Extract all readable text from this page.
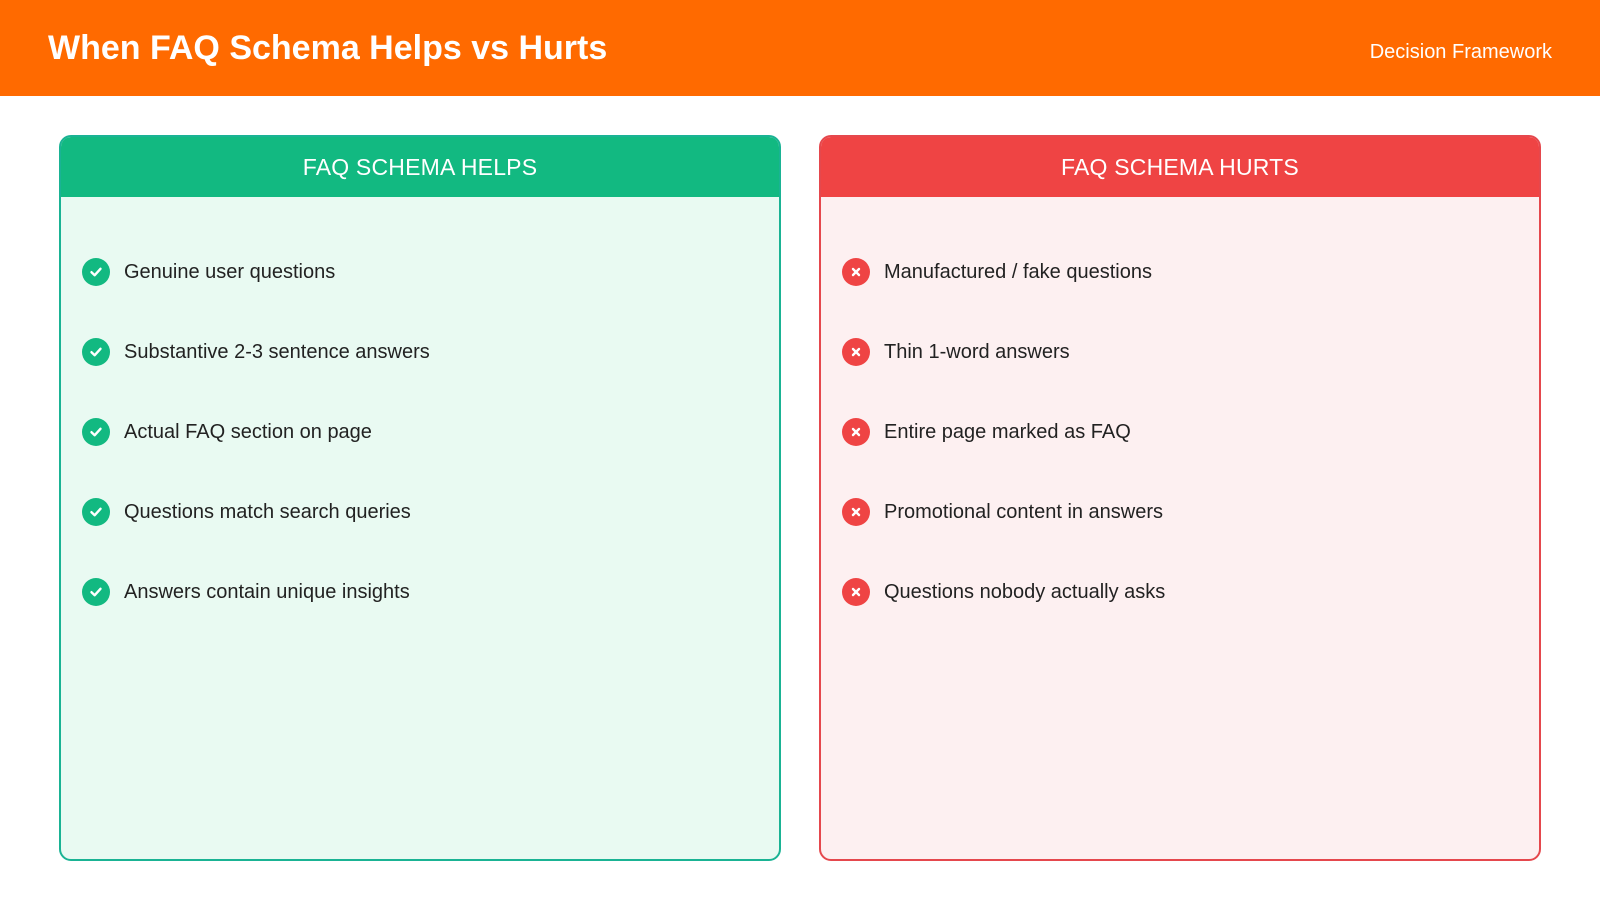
When FAQ Schema Helps vs Hurts	Decision Framework
FAQ SCHEMA HELPS
Genuine user questions
Substantive 2-3 sentence answers
Actual FAQ section on page
Questions match search queries
Answers contain unique insights
FAQ SCHEMA HURTS
Manufactured / fake questions
Thin 1-word answers
Entire page marked as FAQ
Promotional content in answers
Questions nobody actually asks
